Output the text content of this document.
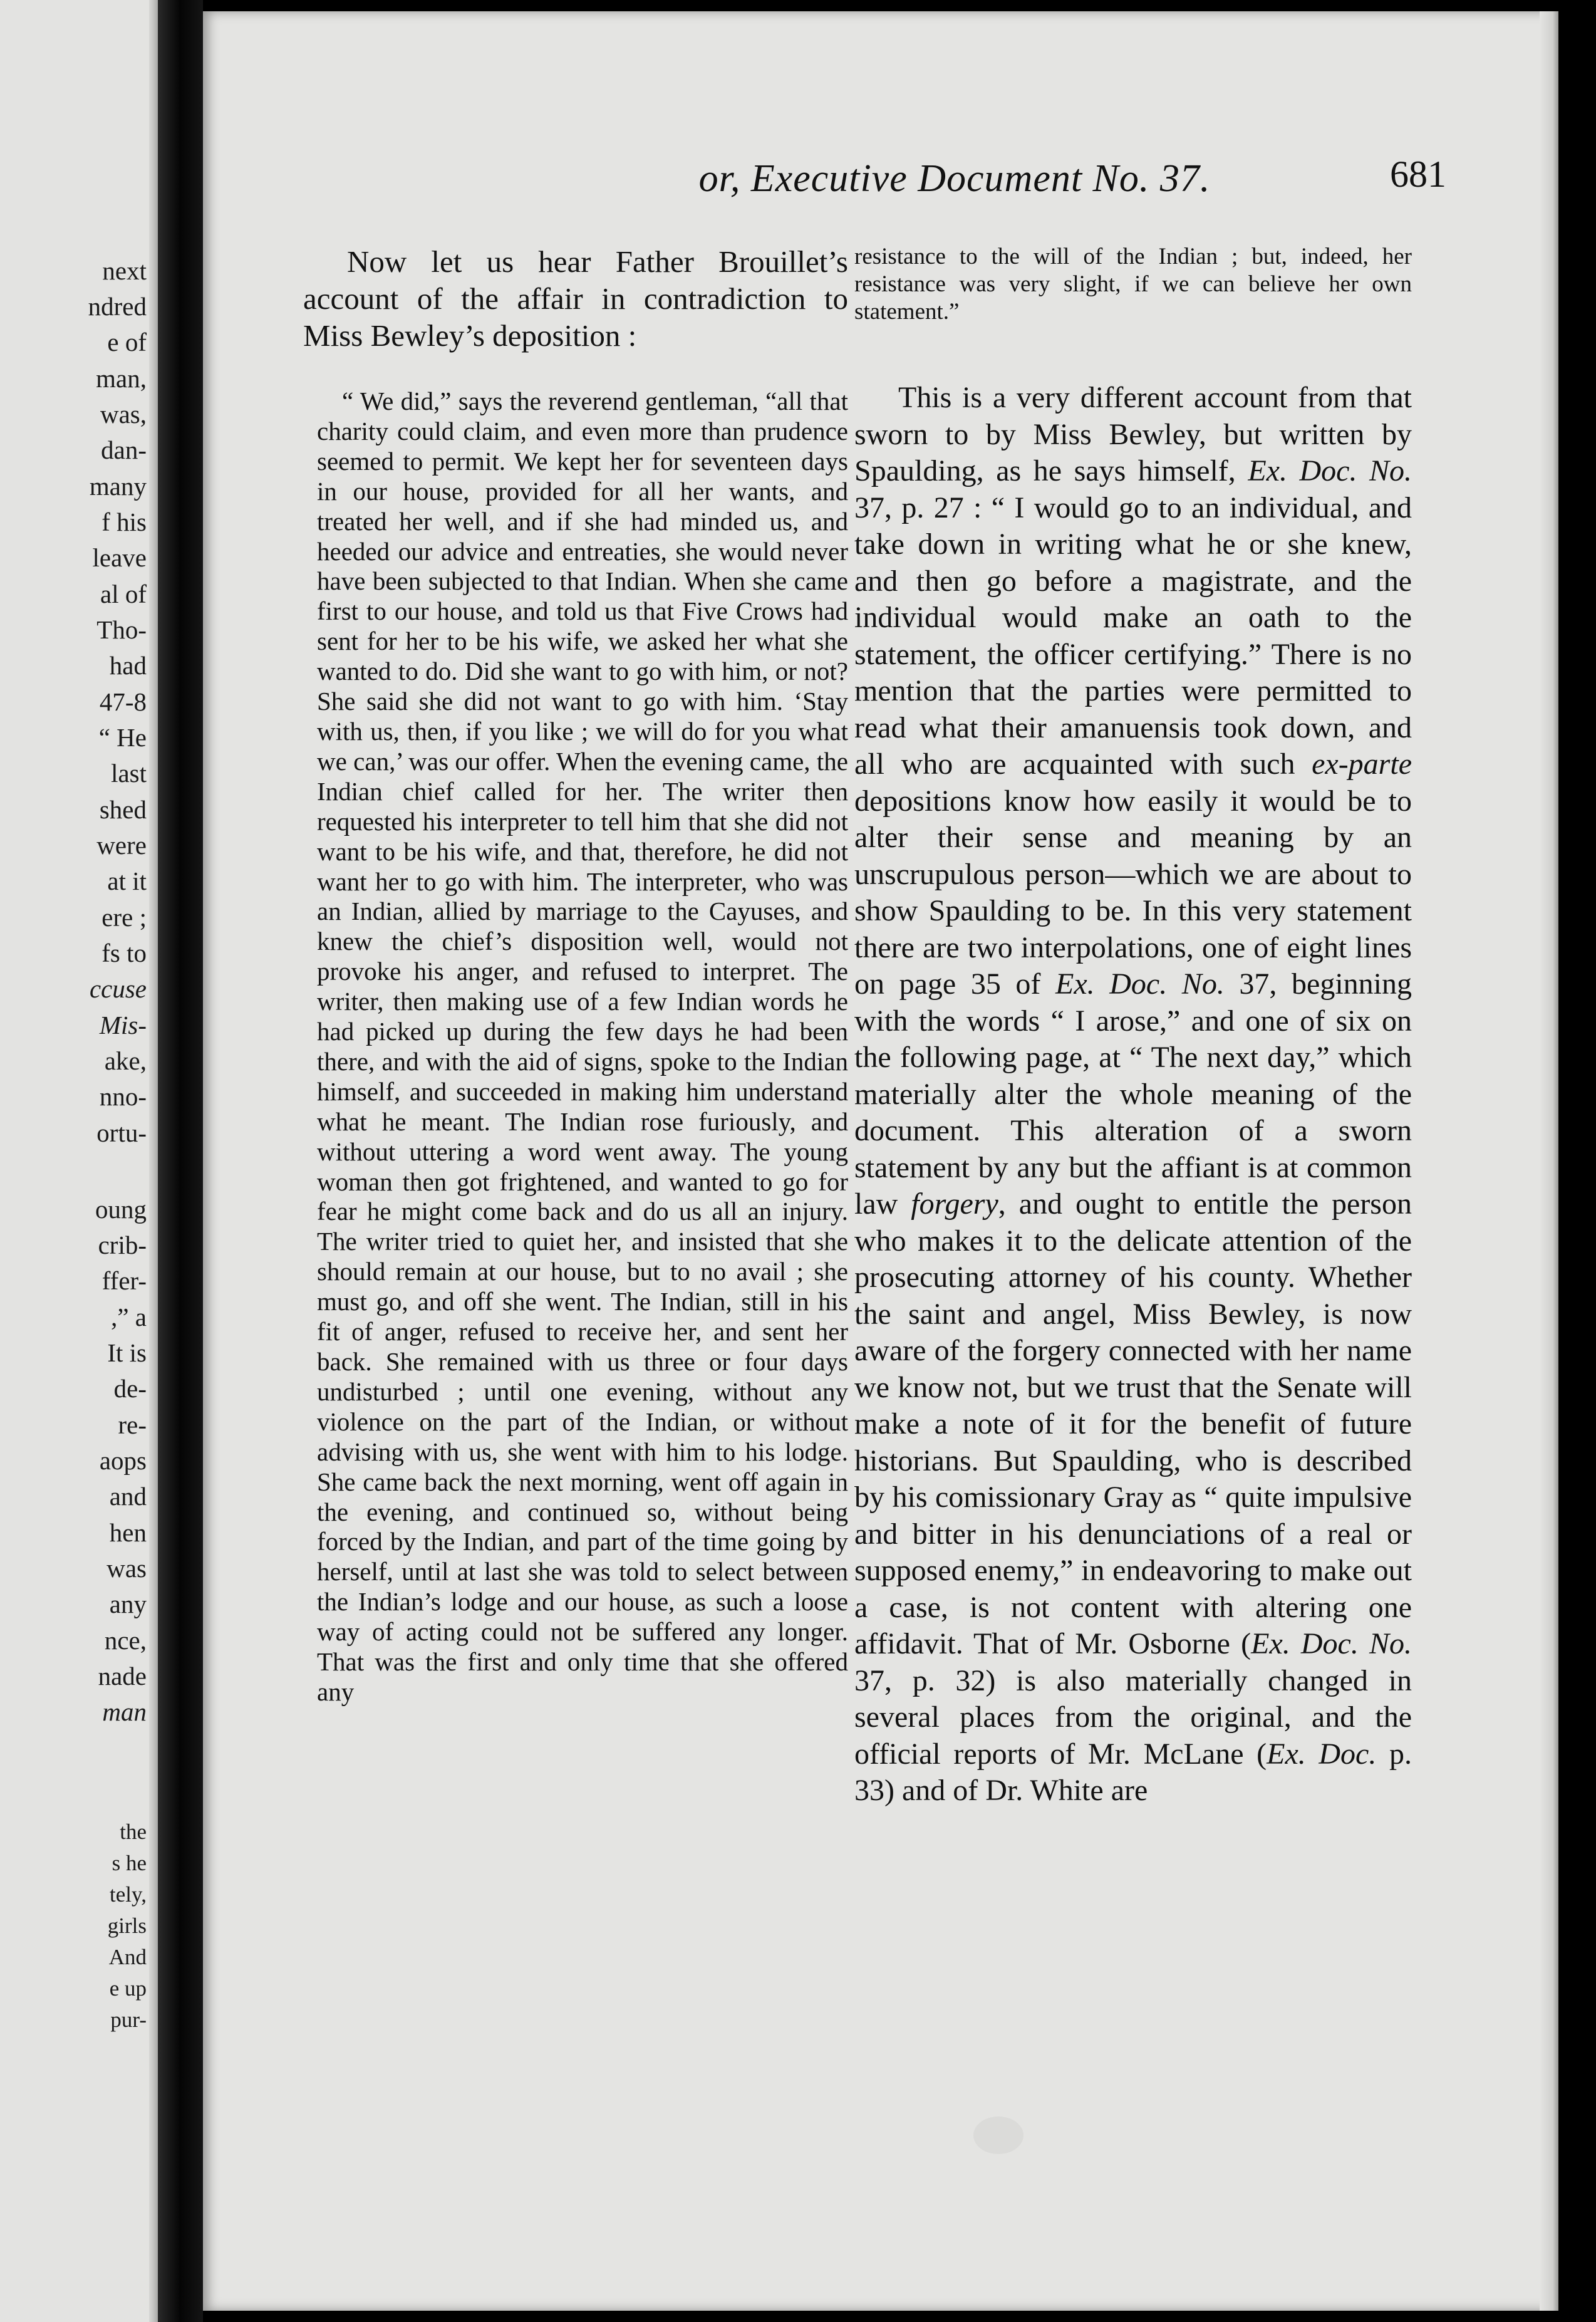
next
ndred
e of
man,
was,
dan-
many
f his
leave
al of
Tho-
had
47-8
“ He
last
shed
were
at it
ere ;
fs to
ccuse
Mis-
ake,
nno-
ortu-
oung
crib-
ffer-
,” a
It is
de-
re-
aops
and
hen
was
any
nce,
nade
man
the
s he
tely,
girls
And
e up
pur-
or, Executive Document No. 37.	681

Now let us hear Father Brouillet’s account of the affair in contradiction to Miss Bewley’s deposition :

“ We did,” says the reverend gentleman, “all that charity could claim, and even more than prudence seemed to permit. We kept her for seventeen days in our house, provided for all her wants, and treated her well, and if she had minded us, and heeded our advice and entreaties, she would never have been subjected to that Indian. When she came first to our house, and told us that Five Crows had sent for her to be his wife, we asked her what she wanted to do. Did she want to go with him, or not? She said she did not want to go with him. ‘Stay with us, then, if you like ; we will do for you what we can,’ was our offer. When the evening came, the Indian chief called for her. The writer then requested his interpreter to tell him that she did not want to be his wife, and that, therefore, he did not want her to go with him. The interpreter, who was an Indian, allied by marriage to the Cayuses, and knew the chief’s disposition well, would not provoke his anger, and refused to interpret. The writer, then making use of a few Indian words he had picked up during the few days he had been there, and with the aid of signs, spoke to the Indian himself, and succeeded in making him understand what he meant. The Indian rose furiously, and without uttering a word went away. The young woman then got frightened, and wanted to go for fear he might come back and do us all an injury. The writer tried to quiet her, and insisted that she should remain at our house, but to no avail ; she must go, and off she went. The Indian, still in his fit of anger, refused to receive her, and sent her back. She remained with us three or four days undisturbed ; until one evening, without any violence on the part of the Indian, or without advising with us, she went with him to his lodge. She came back the next morning, went off again in the evening, and continued so, without being forced by the Indian, and part of the time going by herself, until at last she was told to select between the Indian’s lodge and our house, as such a loose way of acting could not be suffered any longer. That was the first and only time that she offered any

resistance to the will of the Indian ; but, indeed, her resistance was very slight, if we can believe her own statement.”

This is a very different account from that sworn to by Miss Bewley, but written by Spaulding, as he says himself, Ex. Doc. No. 37, p. 27 : “ I would go to an individual, and take down in writing what he or she knew, and then go before a magistrate, and the individual would make an oath to the statement, the officer certifying.” There is no mention that the parties were permitted to read what their amanuensis took down, and all who are acquainted with such ex-parte depositions know how easily it would be to alter their sense and meaning by an unscrupulous person—which we are about to show Spaulding to be. In this very statement there are two interpolations, one of eight lines on page 35 of Ex. Doc. No. 37, beginning with the words “ I arose,” and one of six on the following page, at “ The next day,” which materially alter the whole meaning of the document. This alteration of a sworn statement by any but the affiant is at common law forgery, and ought to entitle the person who makes it to the delicate attention of the prosecuting attorney of his county. Whether the saint and angel, Miss Bewley, is now aware of the forgery connected with her name we know not, but we trust that the Senate will make a note of it for the benefit of future historians. But Spaulding, who is described by his comissionary Gray as “ quite impulsive and bitter in his denunciations of a real or supposed enemy,” in endeavoring to make out a case, is not content with altering one affidavit. That of Mr. Osborne (Ex. Doc. No. 37, p. 32) is also materially changed in several places from the original, and the official reports of Mr. McLane (Ex. Doc. p. 33) and of Dr. White are
